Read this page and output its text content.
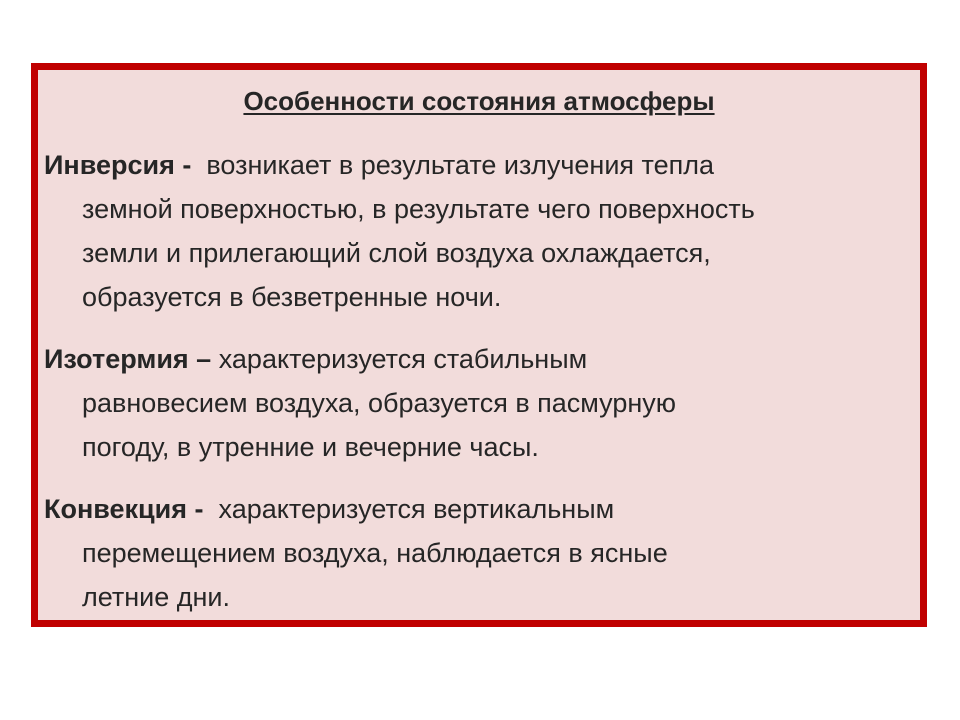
Особенности состояния атмосферы
Инверсия - возникает в результате излучения тепла
земной поверхностью, в результате чего поверхность
земли и прилегающий слой воздуха охлаждается,
образуется в безветренные ночи.
Изотермия – характеризуется стабильным
равновесием воздуха, образуется в пасмурную
погоду, в утренние и вечерние часы.
Конвекция - характеризуется вертикальным
перемещением воздуха, наблюдается в ясные
летние дни.
